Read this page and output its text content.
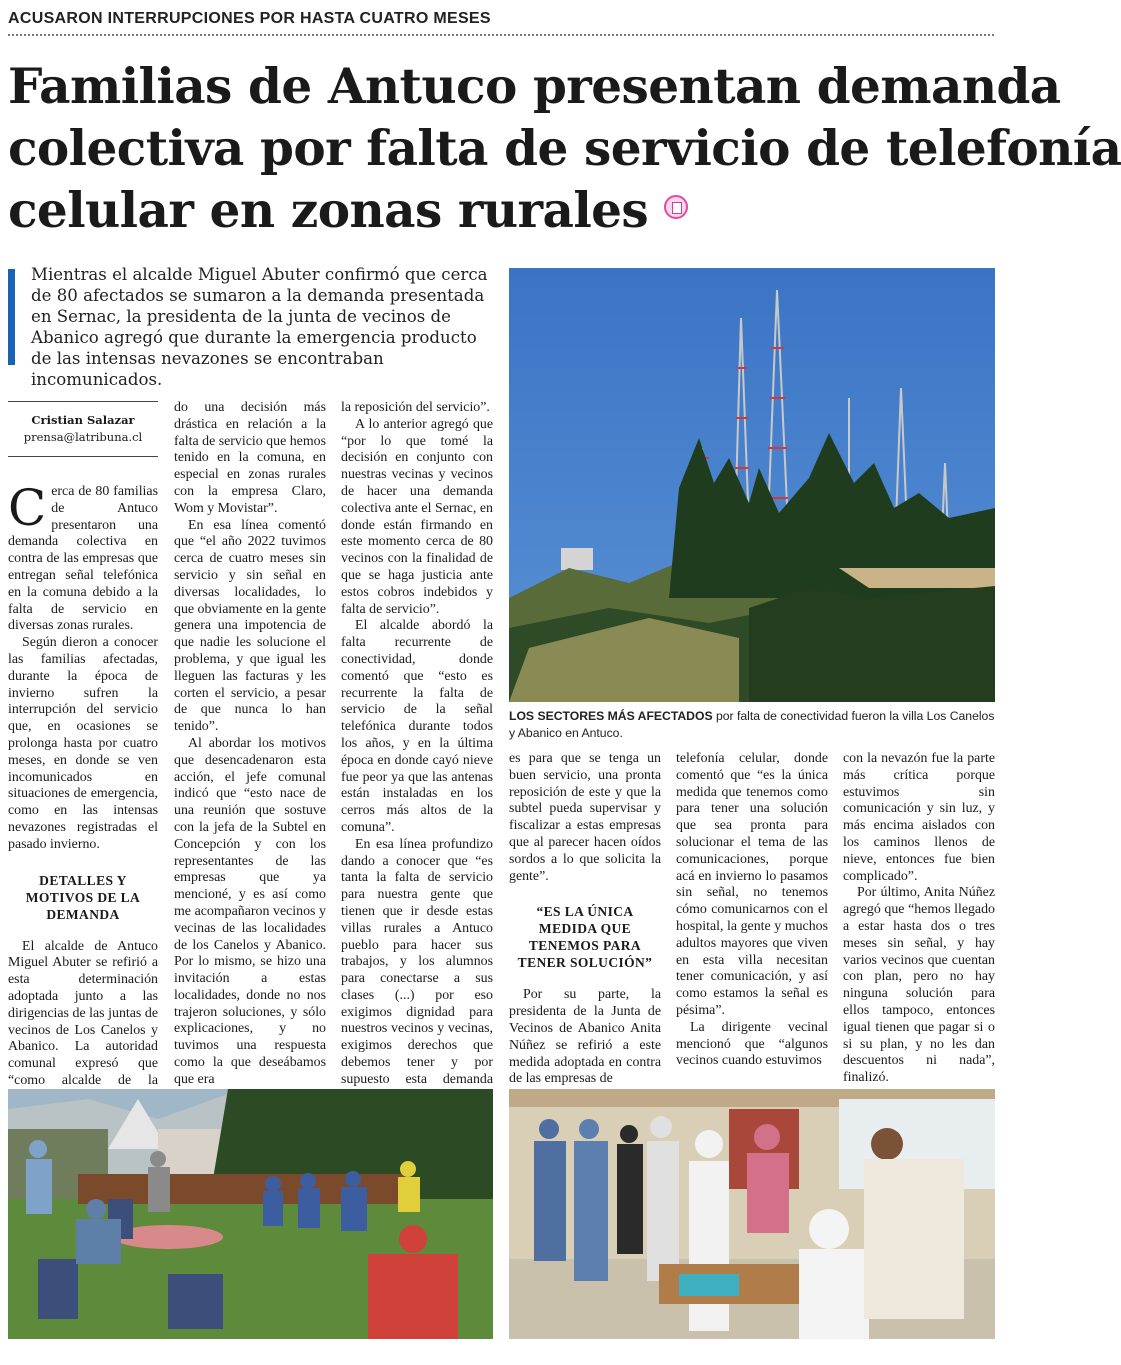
ACUSARON INTERRUPCIONES POR HASTA CUATRO MESES
Familias de Antuco presentan demanda
colectiva por falta de servicio de telefonía
celular en zonas rurales

Mientras el alcalde Miguel Abuter confirmó que cerca de 80 afectados se sumaron a la demanda presentada en Sernac, la presidenta de la junta de vecinos de Abanico agregó que durante la emergencia producto de las intensas nevazones se encontraban incomunicados.

LOS SECTORES MÁS AFECTADOS por falta de conectividad fueron la villa Los Canelos y Abanico en Antuco.

Cristian Salazar
prensa@latribuna.cl

Cerca de 80 familias de Antuco presentaron una demanda colectiva en contra de las empresas que entregan señal telefónica en la comuna debido a la falta de servicio en diversas zonas rurales.

Según dieron a conocer las familias afectadas, durante la época de invierno sufren la interrupción del servicio que, en ocasiones se prolonga hasta por cuatro meses, en donde se ven incomunicados en situaciones de emergencia, como en las intensas nevazones registradas el pasado invierno.

DETALLES Y MOTIVOS DE LA DEMANDA

El alcalde de Antuco Miguel Abuter se refirió a esta determinación adoptada junto a las dirigencias de las juntas de vecinos de Los Canelos y Abanico. La autoridad comunal expresó que “como alcalde de la

do una decisión más drástica en relación a la falta de servicio que hemos tenido en la comuna, en especial en zonas rurales con la empresa Claro, Wom y Movistar”.

En esa línea comentó que “el año 2022 tuvimos cerca de cuatro meses sin servicio y sin señal en diversas localidades, lo que obviamente en la gente genera una impotencia de que nadie les solucione el problema, y que igual les lleguen las facturas y les corten el servicio, a pesar de que nunca lo han tenido”.

Al abordar los motivos que desencadenaron esta acción, el jefe comunal indicó que “esto nace de una reunión que sostuve con la jefa de la Subtel en Concepción y con los representantes de las empresas que ya mencioné, y es así como me acompañaron vecinos y vecinas de las localidades de los Canelos y Abanico. Por lo mismo, se hizo una invitación a estas localidades, donde no nos trajeron soluciones, y sólo explicaciones, y no tuvimos una respuesta como la que deseábamos que era

la reposición del servicio”.

A lo anterior agregó que “por lo que tomé la decisión en conjunto con nuestras vecinas y vecinos de hacer una demanda colectiva ante el Sernac, en donde están firmando en este momento cerca de 80 vecinos con la finalidad de que se haga justicia ante estos cobros indebidos y falta de servicio”.

El alcalde abordó la falta recurrente de conectividad, donde comentó que “esto es recurrente la falta de servicio de la señal telefónica durante todos los años, y en la última época en donde cayó nieve fue peor ya que las antenas están instaladas en los cerros más altos de la comuna”.

En esa línea profundizo dando a conocer que “es tanta la falta de servicio para nuestra gente que tienen que ir desde estas villas rurales a Antuco pueblo para hacer sus trabajos, y los alumnos para conectarse a sus clases (...) por eso exigimos dignidad para nuestros vecinos y vecinas, exigimos derechos que debemos tener y por supuesto esta demanda

es para que se tenga un buen servicio, una pronta reposición de este y que la subtel pueda supervisar y fiscalizar a estas empresas que al parecer hacen oídos sordos a lo que solicita la gente”.

“ES LA ÚNICA MEDIDA QUE TENEMOS PARA TENER SOLUCIÓN”

Por su parte, la presidenta de la Junta de Vecinos de Abanico Anita Núñez se refirió a este medida adoptada en contra de las empresas de

telefonía celular, donde comentó que “es la única medida que tenemos como para tener una solución que sea pronta para solucionar el tema de las comunicaciones, porque acá en invierno lo pasamos sin señal, no tenemos cómo comunicarnos con el hospital, la gente y muchos adultos mayores que viven en esta villa necesitan tener comunicación, y así como estamos la señal es pésima”.

La dirigente vecinal mencionó que “algunos vecinos cuando estuvimos

con la nevazón fue la parte más crítica porque estuvimos sin comunicación y sin luz, y más encima aislados con los caminos llenos de nieve, entonces fue bien complicado”.

Por último, Anita Núñez agregó que “hemos llegado a estar hasta dos o tres meses sin señal, y hay varios vecinos que cuentan con plan, pero no hay ninguna solución para ellos tampoco, entonces igual tienen que pagar si o si su plan, y no les dan descuentos ni nada”, finalizó.
